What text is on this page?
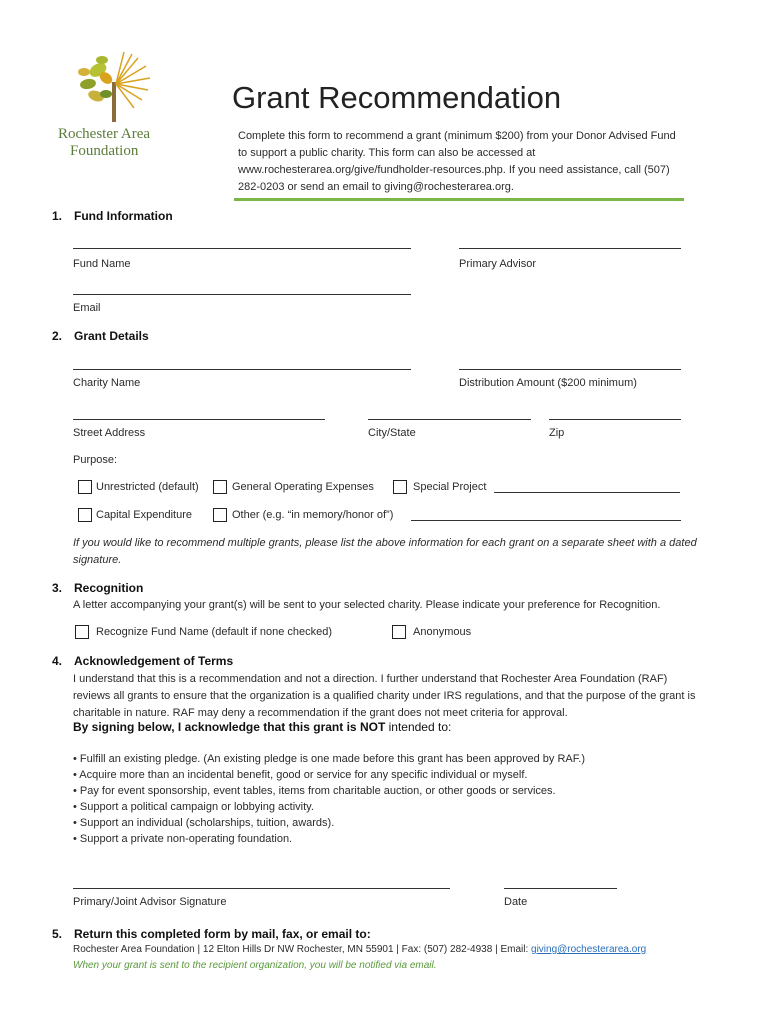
Rochester Area
Foundation
Grant Recommendation
Complete this form to recommend a grant (minimum $200) from your Donor Advised Fund to support a public charity. This form can also be accessed at www.rochesterarea.org/give/fundholder-resources.php. If you need assistance, call (507) 282-0203 or send an email to giving@rochesterarea.org.
1. Fund Information
Fund Name	Primary Advisor
Email
2. Grant Details
Charity Name	Distribution Amount ($200 minimum)
Street Address	City/State	Zip
Purpose:
Unrestricted (default)	General Operating Expenses	Special Project
Capital Expenditure	Other (e.g. “in memory/honor of”)
If you would like to recommend multiple grants, please list the above information for each grant on a separate sheet with a dated signature.
3. Recognition
A letter accompanying your grant(s) will be sent to your selected charity. Please indicate your preference for Recognition.
Recognize Fund Name (default if none checked)	Anonymous
4. Acknowledgement of Terms
I understand that this is a recommendation and not a direction. I further understand that Rochester Area Foundation (RAF) reviews all grants to ensure that the organization is a qualified charity under IRS regulations, and that the purpose of the grant is charitable in nature. RAF may deny a recommendation if the grant does not meet criteria for approval.
By signing below, I acknowledge that this grant is NOT intended to:
• Fulfill an existing pledge. (An existing pledge is one made before this grant has been approved by RAF.)
• Acquire more than an incidental benefit, good or service for any specific individual or myself.
• Pay for event sponsorship, event tables, items from charitable auction, or other goods or services.
• Support a political campaign or lobbying activity.
• Support an individual (scholarships, tuition, awards).
• Support a private non-operating foundation.
Primary/Joint Advisor Signature	Date
5. Return this completed form by mail, fax, or email to:
Rochester Area Foundation | 12 Elton Hills Dr NW Rochester, MN 55901 | Fax: (507) 282-4938 | Email: giving@rochesterarea.org
When your grant is sent to the recipient organization, you will be notified via email.
